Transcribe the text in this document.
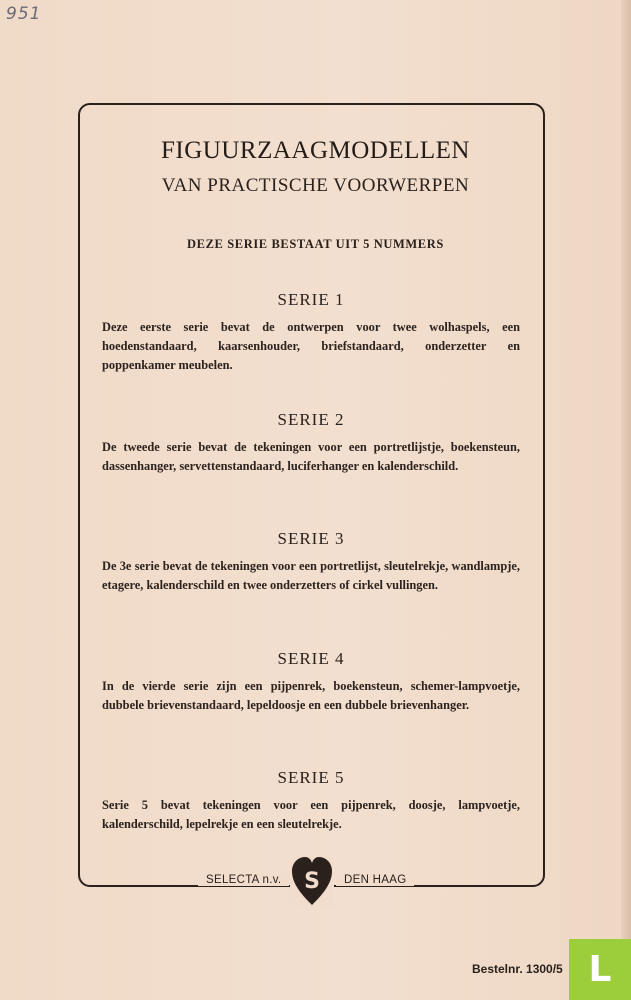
951
FIGUURZAAGMODELLEN
VAN PRACTISCHE VOORWERPEN
DEZE SERIE BESTAAT UIT 5 NUMMERS
SERIE 1

Deze eerste serie bevat de ontwerpen voor twee wolhaspels, een hoedenstandaard, kaarsenhouder, briefstandaard, onderzetter en poppenkamer meubelen.

SERIE 2

De tweede serie bevat de tekeningen voor een portretlijstje, boekensteun, dassenhanger, servettenstandaard, luciferhanger en kalenderschild.

SERIE 3

De 3e serie bevat de tekeningen voor een portretlijst, sleutelrekje, wandlampje, etagere, kalenderschild en twee onderzetters of cirkel vullingen.

SERIE 4

In de vierde serie zijn een pijpenrek, boekensteun, schemer-lampvoetje, dubbele brievenstandaard, lepeldoosje en een dubbele brievenhanger.

SERIE 5

Serie 5 bevat tekeningen voor een pijpenrek, doosje, lampvoetje, kalenderschild, lepelrekje en een sleutelrekje.

SELECTA n.v.	S	DEN HAAG
Bestelnr. 1300/5 L
